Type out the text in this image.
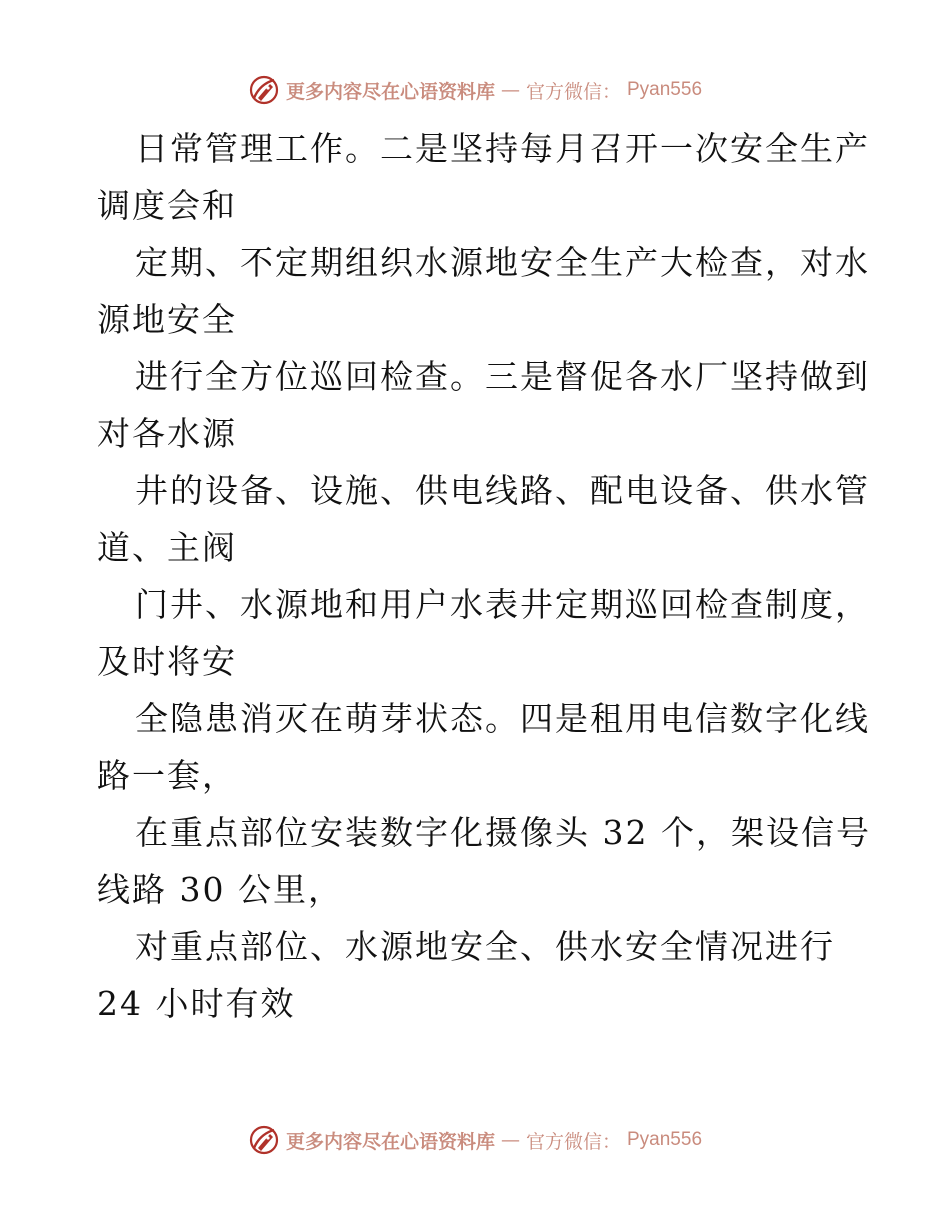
更多内容尽在心语资料库 — 官方微信： Pyan556
日常管理工作。二是坚持每月召开一次安全生产
调度会和
定期、不定期组织水源地安全生产大检查，对水
源地安全
进行全方位巡回检查。三是督促各水厂坚持做到
对各水源
井的设备、设施、供电线路、配电设备、供水管
道、主阀
门井、水源地和用户水表井定期巡回检查制度，
及时将安
全隐患消灭在萌芽状态。四是租用电信数字化线
路一套，
在重点部位安装数字化摄像头 32 个，架设信号
线路 30 公里，
对重点部位、水源地安全、供水安全情况进行
24 小时有效
更多内容尽在心语资料库 — 官方微信： Pyan556
